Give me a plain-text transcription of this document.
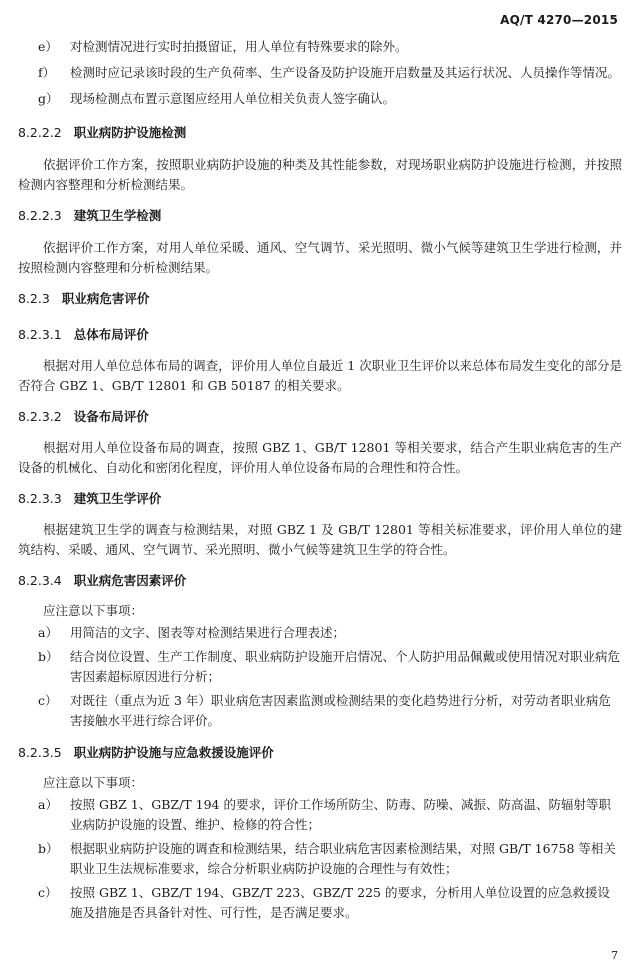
AQ/T 4270—2015
e） 对检测情况进行实时拍摄留证，用人单位有特殊要求的除外。
f） 检测时应记录该时段的生产负荷率、生产设备及防护设施开启数量及其运行状况、人员操作等情况。
g） 现场检测点布置示意图应经用人单位相关负责人签字确认。
8.2.2.2 职业病防护设施检测
依据评价工作方案，按照职业病防护设施的种类及其性能参数，对现场职业病防护设施进行检测，并按照检测内容整理和分析检测结果。
8.2.2.3 建筑卫生学检测
依据评价工作方案，对用人单位采暖、通风、空气调节、采光照明、微小气候等建筑卫生学进行检测，并按照检测内容整理和分析检测结果。
8.2.3 职业病危害评价
8.2.3.1 总体布局评价
根据对用人单位总体布局的调查，评价用人单位自最近 1 次职业卫生评价以来总体布局发生变化的部分是否符合 GBZ 1、GB/T 12801 和 GB 50187 的相关要求。
8.2.3.2 设备布局评价
根据对用人单位设备布局的调查，按照 GBZ 1、GB/T 12801 等相关要求，结合产生职业病危害的生产设备的机械化、自动化和密闭化程度，评价用人单位设备布局的合理性和符合性。
8.2.3.3 建筑卫生学评价
根据建筑卫生学的调查与检测结果，对照 GBZ 1 及 GB/T 12801 等相关标准要求，评价用人单位的建筑结构、采暖、通风、空气调节、采光照明、微小气候等建筑卫生学的符合性。
8.2.3.4 职业病危害因素评价
应注意以下事项：
a） 用简洁的文字、图表等对检测结果进行合理表述；
b） 结合岗位设置、生产工作制度、职业病防护设施开启情况、个人防护用品佩戴或使用情况对职业病危害因素超标原因进行分析；
c） 对既往（重点为近 3 年）职业病危害因素监测或检测结果的变化趋势进行分析，对劳动者职业病危害接触水平进行综合评价。
8.2.3.5 职业病防护设施与应急救援设施评价
应注意以下事项：
a） 按照 GBZ 1、GBZ/T 194 的要求，评价工作场所防尘、防毒、防噪、减振、防高温、防辐射等职业病防护设施的设置、维护、检修的符合性；
b） 根据职业病防护设施的调查和检测结果，结合职业病危害因素检测结果，对照 GB/T 16758 等相关职业卫生法规标准要求，综合分析职业病防护设施的合理性与有效性；
c） 按照 GBZ 1、GBZ/T 194、GBZ/T 223、GBZ/T 225 的要求，分析用人单位设置的应急救援设施及措施是否具备针对性、可行性，是否满足要求。
7
